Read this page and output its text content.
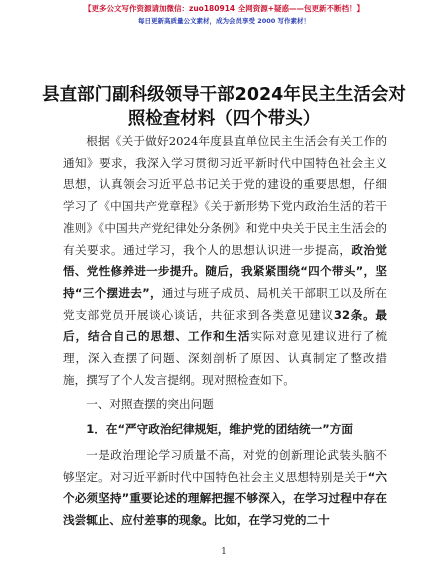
【更多公文写作资源请加微信：zuo180914 全网资源+疑惑——包更新不断档！】
每日更新高质量公文素材，成为会员享受 2000 写作素材！
县直部门副科级领导干部2024年民主生活会对照检查材料（四个带头）

根据《关于做好2024年度县直单位民主生活会有关工作的通知》要求，我深入学习贯彻习近平新时代中国特色社会主义思想，认真领会习近平总书记关于党的建设的重要思想，仔细学习了《中国共产党章程》《关于新形势下党内政治生活的若干准则》《中国共产党纪律处分条例》和党中央关于民主生活会的有关要求。通过学习，我个人的思想认识进一步提高，政治觉悟、党性修养进一步提升。随后，我紧紧围绕“四个带头”，坚持“三个摆进去”，通过与班子成员、局机关干部职工以及所在党支部党员开展谈心谈话，共征求到各类意见建议32条。最后，结合自己的思想、工作和生活实际对意见建议进行了梳理，深入查摆了问题、深刻剖析了原因、认真制定了整改措施，撰写了个人发言提纲。现对照检查如下。

一、对照查摆的突出问题

1．在“严守政治纪律规矩，维护党的团结统一”方面

一是政治理论学习质量不高，对党的创新理论武装头脑不够坚定。对习近平新时代中国特色社会主义思想特别是关于“六个必须坚持”重要论述的理解把握不够深入，在学习过程中存在浅尝辄止、应付差事的现象。比如，在学习党的二十

1
